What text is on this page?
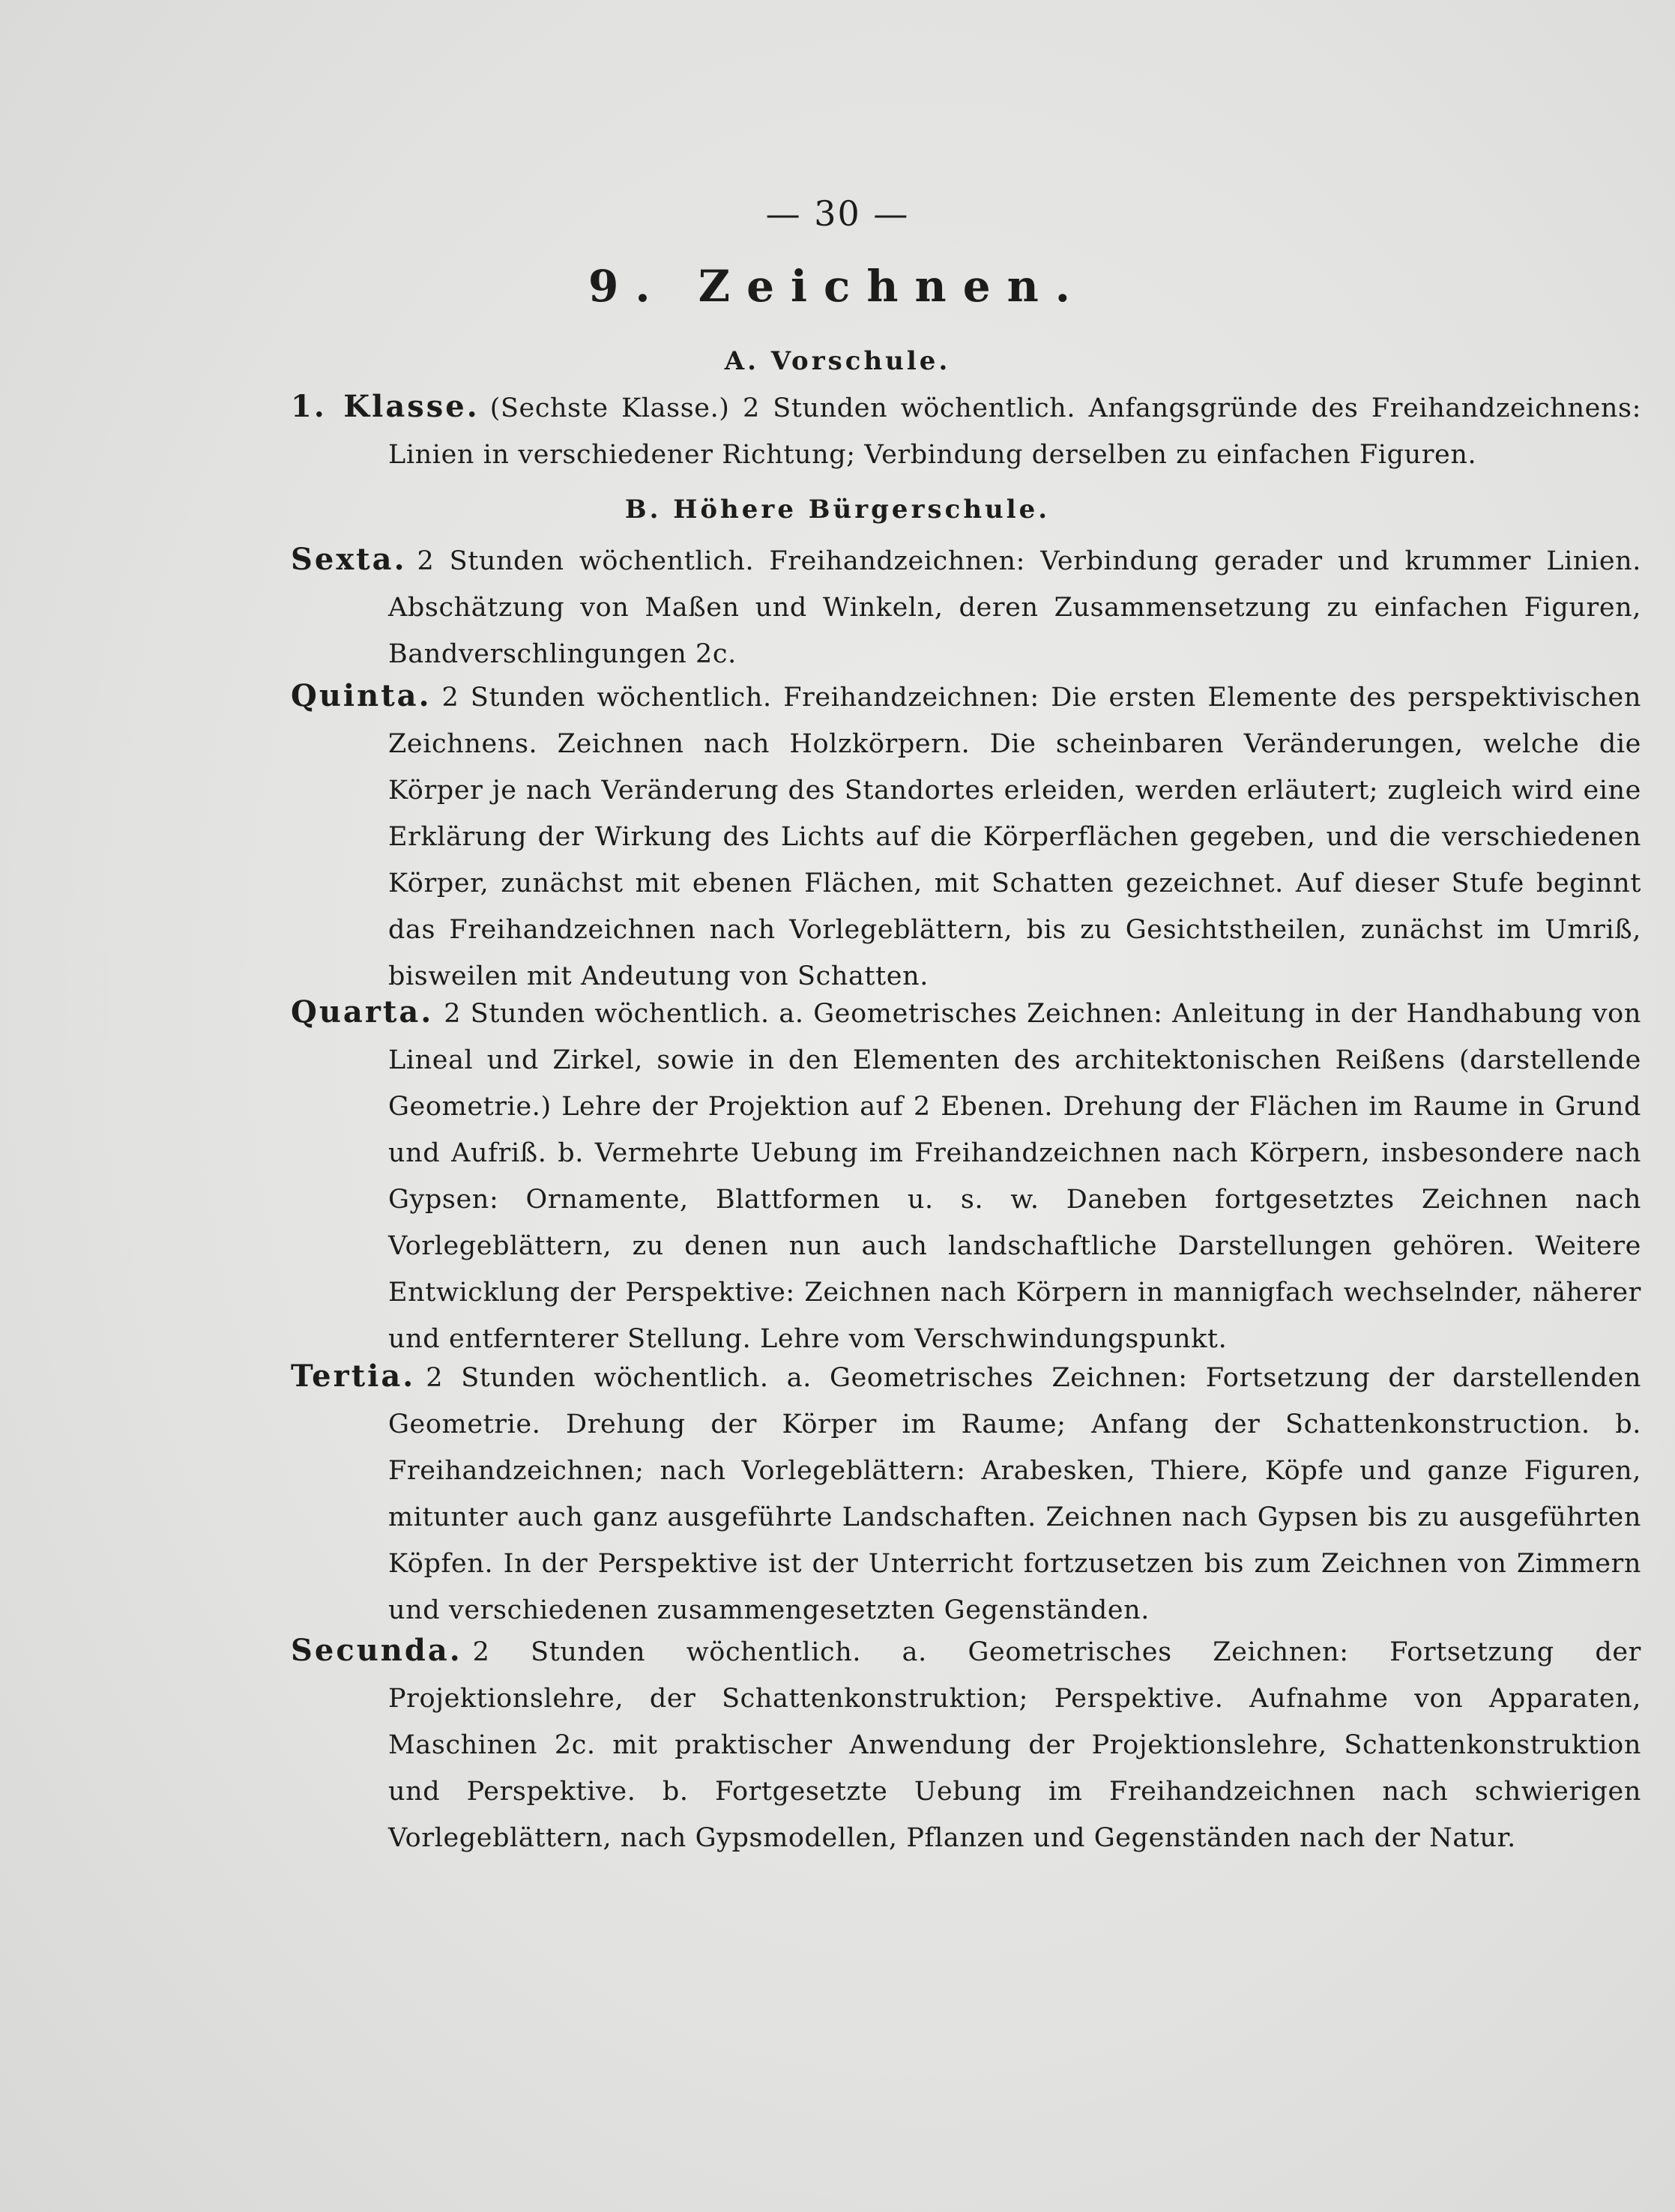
— 30 —
9. Zeichnen.
A. Vorschule.
1. Klasse. (Sechste Klasse.) 2 Stunden wöchentlich. Anfangsgründe des Freihandzeichnens: Linien in verschiedener Richtung; Verbindung derselben zu einfachen Figuren.
B. Höhere Bürgerschule.
Sexta. 2 Stunden wöchentlich. Freihandzeichnen: Verbindung gerader und krummer Linien. Abschätzung von Maßen und Winkeln, deren Zusammensetzung zu einfachen Figuren, Bandverschlingungen 2c.
Quinta. 2 Stunden wöchentlich. Freihandzeichnen: Die ersten Elemente des perspektivischen Zeichnens. Zeichnen nach Holzkörpern. Die scheinbaren Veränderungen, welche die Körper je nach Veränderung des Standortes erleiden, werden erläutert; zugleich wird eine Erklärung der Wirkung des Lichts auf die Körperflächen gegeben, und die verschiedenen Körper, zunächst mit ebenen Flächen, mit Schatten gezeichnet. Auf dieser Stufe beginnt das Freihandzeichnen nach Vorlegeblättern, bis zu Gesichtstheilen, zunächst im Umriß, bisweilen mit Andeutung von Schatten.
Quarta. 2 Stunden wöchentlich. a. Geometrisches Zeichnen: Anleitung in der Handhabung von Lineal und Zirkel, sowie in den Elementen des architektonischen Reißens (darstellende Geometrie.) Lehre der Projektion auf 2 Ebenen. Drehung der Flächen im Raume in Grund und Aufriß. b. Vermehrte Uebung im Freihandzeichnen nach Körpern, insbesondere nach Gypsen: Ornamente, Blattformen u. s. w. Daneben fortgesetztes Zeichnen nach Vorlegeblättern, zu denen nun auch landschaftliche Darstellungen gehören. Weitere Entwicklung der Perspektive: Zeichnen nach Körpern in mannigfach wechselnder, näherer und entfernterer Stellung. Lehre vom Verschwindungspunkt.
Tertia. 2 Stunden wöchentlich. a. Geometrisches Zeichnen: Fortsetzung der darstellenden Geometrie. Drehung der Körper im Raume; Anfang der Schattenkonstruction. b. Freihandzeichnen; nach Vorlegeblättern: Arabesken, Thiere, Köpfe und ganze Figuren, mitunter auch ganz ausgeführte Landschaften. Zeichnen nach Gypsen bis zu ausgeführten Köpfen. In der Perspektive ist der Unterricht fortzusetzen bis zum Zeichnen von Zimmern und verschiedenen zusammengesetzten Gegenständen.
Secunda. 2 Stunden wöchentlich. a. Geometrisches Zeichnen: Fortsetzung der Projektionslehre, der Schattenkonstruktion; Perspektive. Aufnahme von Apparaten, Maschinen 2c. mit praktischer Anwendung der Projektionslehre, Schattenkonstruktion und Perspektive. b. Fortgesetzte Uebung im Freihandzeichnen nach schwierigen Vorlegeblättern, nach Gypsmodellen, Pflanzen und Gegenständen nach der Natur.
